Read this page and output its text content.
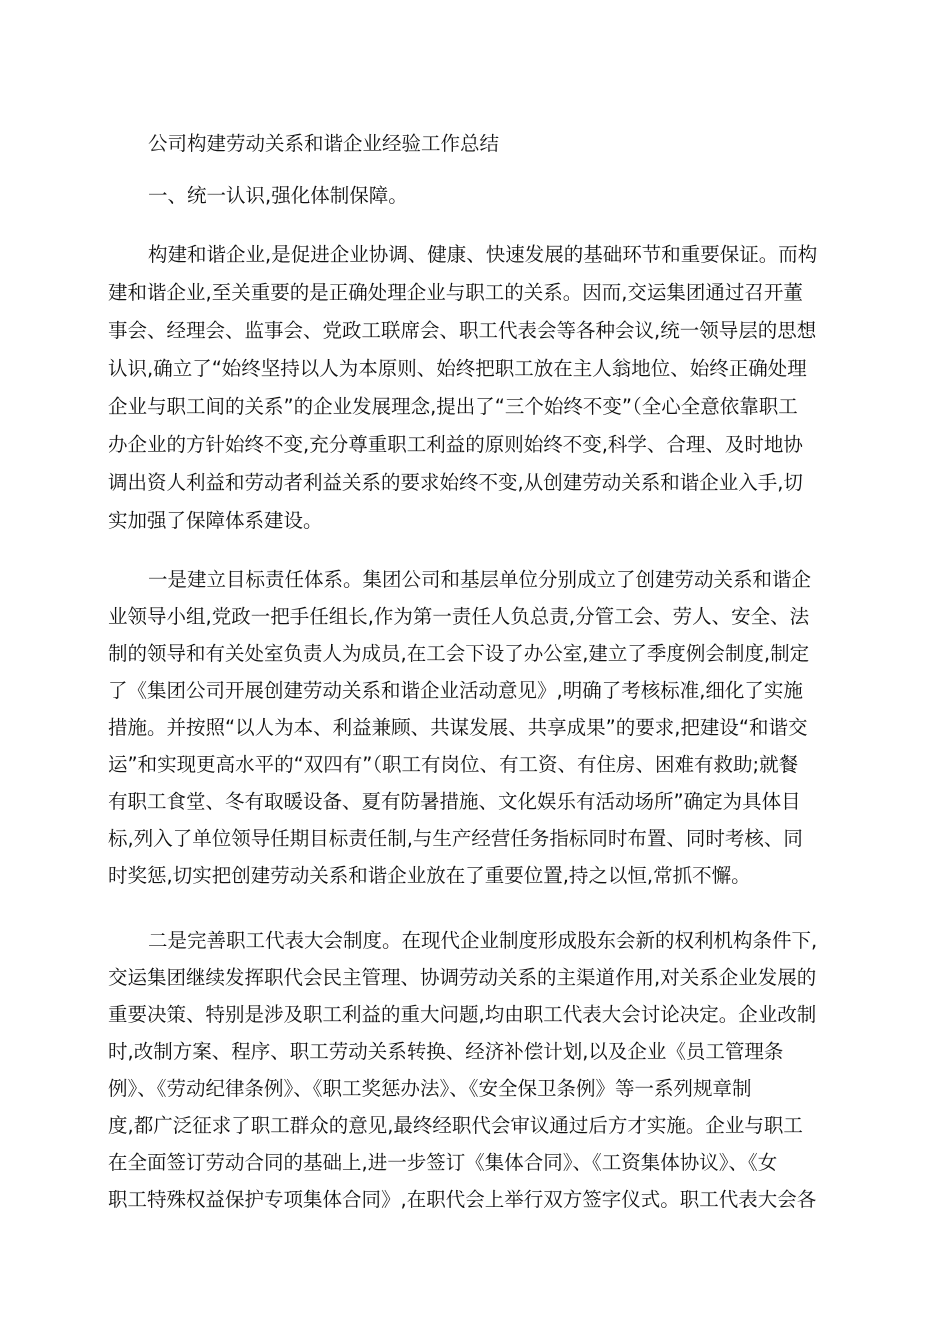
公司构建劳动关系和谐企业经验工作总结
一、统一认识,强化体制保障。
构建和谐企业,是促进企业协调、健康、快速发展的基础环节和重要保证。而构
建和谐企业,至关重要的是正确处理企业与职工的关系。因而,交运集团通过召开董
事会、经理会、监事会、党政工联席会、职工代表会等各种会议,统一领导层的思想
认识,确立了“始终坚持以人为本原则、始终把职工放在主人翁地位、始终正确处理
企业与职工间的关系”的企业发展理念,提出了“三个始终不变”（全心全意依靠职工
办企业的方针始终不变,充分尊重职工利益的原则始终不变,科学、合理、及时地协
调出资人利益和劳动者利益关系的要求始终不变,从创建劳动关系和谐企业入手,切
实加强了保障体系建设。
一是建立目标责任体系。集团公司和基层单位分别成立了创建劳动关系和谐企
业领导小组,党政一把手任组长,作为第一责任人负总责,分管工会、劳人、安全、法
制的领导和有关处室负责人为成员,在工会下设了办公室,建立了季度例会制度,制定
了《集团公司开展创建劳动关系和谐企业活动意见》,明确了考核标准,细化了实施
措施。并按照“以人为本、利益兼顾、共谋发展、共享成果”的要求,把建设“和谐交
运”和实现更高水平的“双四有”（职工有岗位、有工资、有住房、困难有救助;就餐
有职工食堂、冬有取暖设备、夏有防暑措施、文化娱乐有活动场所”确定为具体目
标,列入了单位领导任期目标责任制,与生产经营任务指标同时布置、同时考核、同
时奖惩,切实把创建劳动关系和谐企业放在了重要位置,持之以恒,常抓不懈。
二是完善职工代表大会制度。在现代企业制度形成股东会新的权利机构条件下,
交运集团继续发挥职代会民主管理、协调劳动关系的主渠道作用,对关系企业发展的
重要决策、特别是涉及职工利益的重大问题,均由职工代表大会讨论决定。企业改制
时,改制方案、程序、职工劳动关系转换、经济补偿计划,以及企业《员工管理条
例》、《劳动纪律条例》、《职工奖惩办法》、《安全保卫条例》等一系列规章制
度,都广泛征求了职工群众的意见,最终经职代会审议通过后方才实施。企业与职工
在全面签订劳动合同的基础上,进一步签订《集体合同》、《工资集体协议》、《女
职工特殊权益保护专项集体合同》,在职代会上举行双方签字仪式。职工代表大会各
